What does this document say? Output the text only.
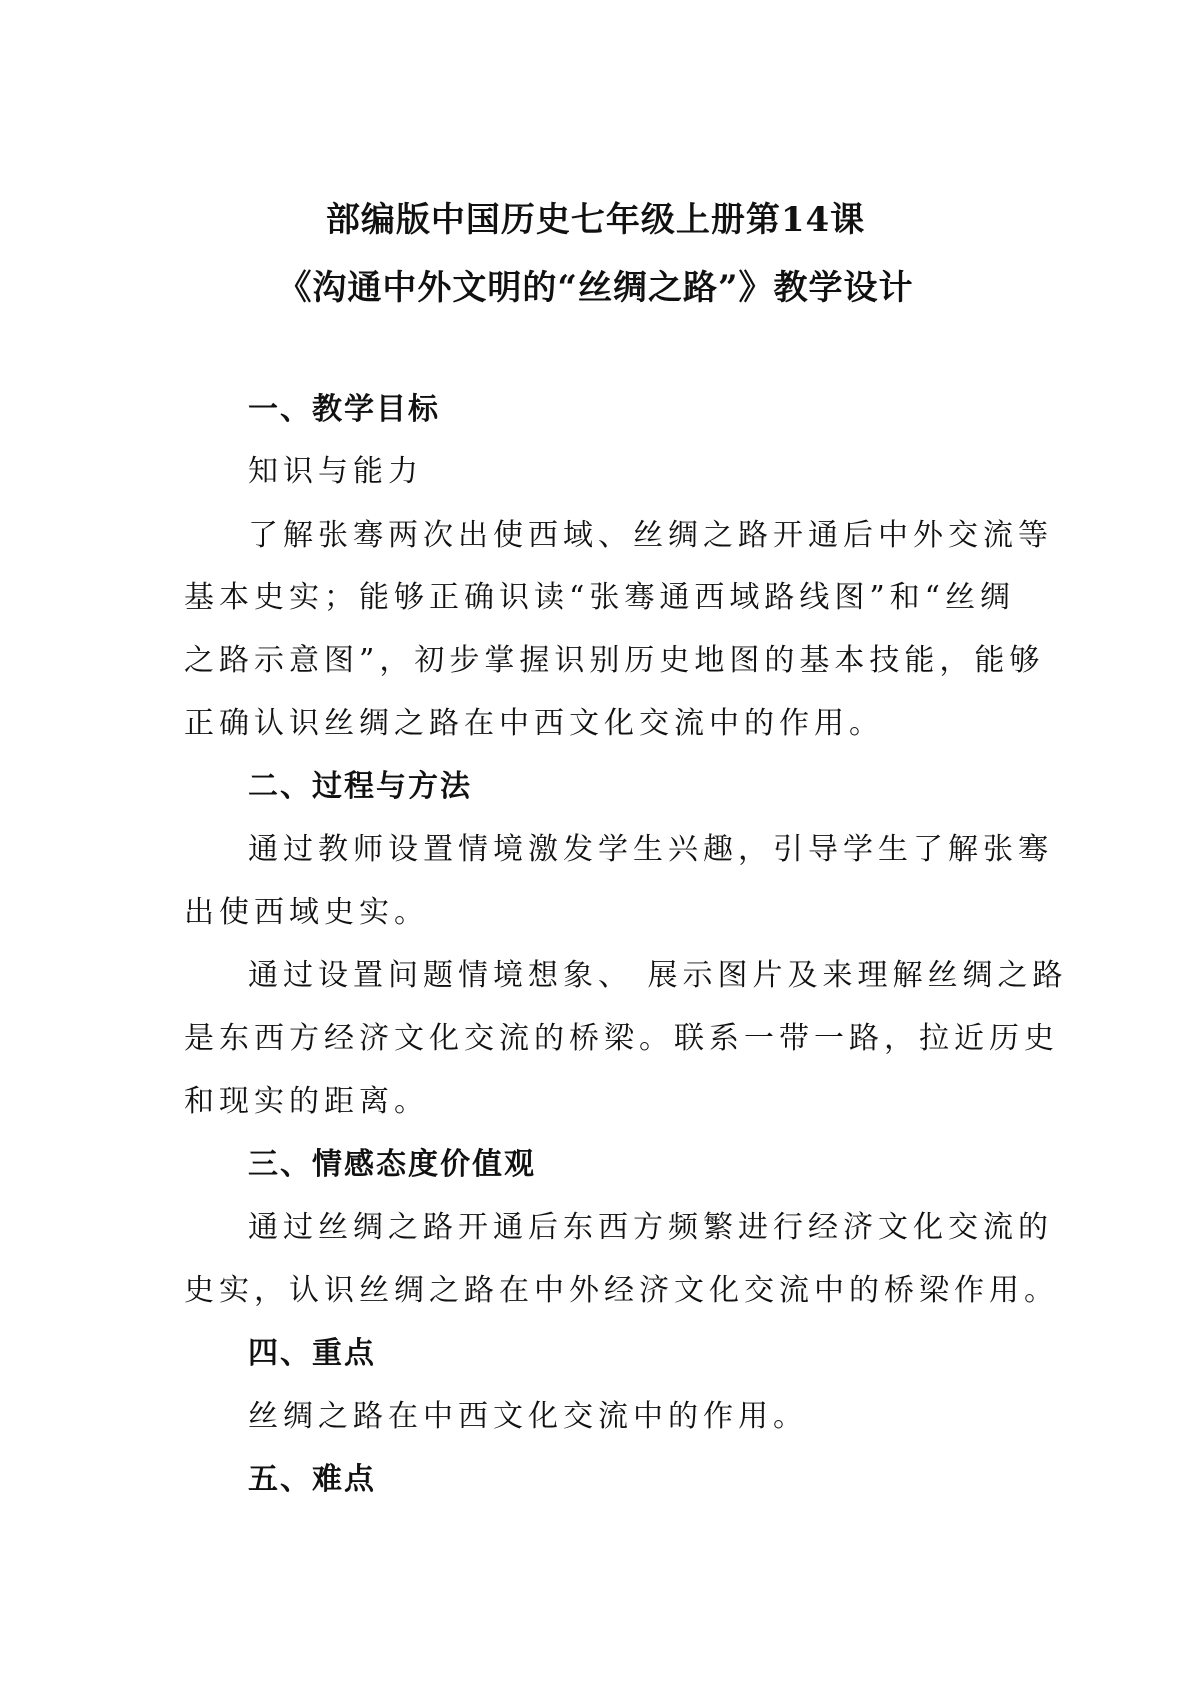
部编版中国历史七年级上册第14课
《沟通中外文明的“丝绸之路”》教学设计
一、教学目标
知识与能力
了解张骞两次出使西域、丝绸之路开通后中外交流等
基本史实；能够正确识读“张骞通西域路线图”和“丝绸
之路示意图”，初步掌握识别历史地图的基本技能，能够
正确认识丝绸之路在中西文化交流中的作用。
二、过程与方法
通过教师设置情境激发学生兴趣，引导学生了解张骞
出使西域史实。
通过设置问题情境想象、 展示图片及来理解丝绸之路
是东西方经济文化交流的桥梁。联系一带一路，拉近历史
和现实的距离。
三、情感态度价值观
通过丝绸之路开通后东西方频繁进行经济文化交流的
史实，认识丝绸之路在中外经济文化交流中的桥梁作用。
四、重点
丝绸之路在中西文化交流中的作用。
五、难点
